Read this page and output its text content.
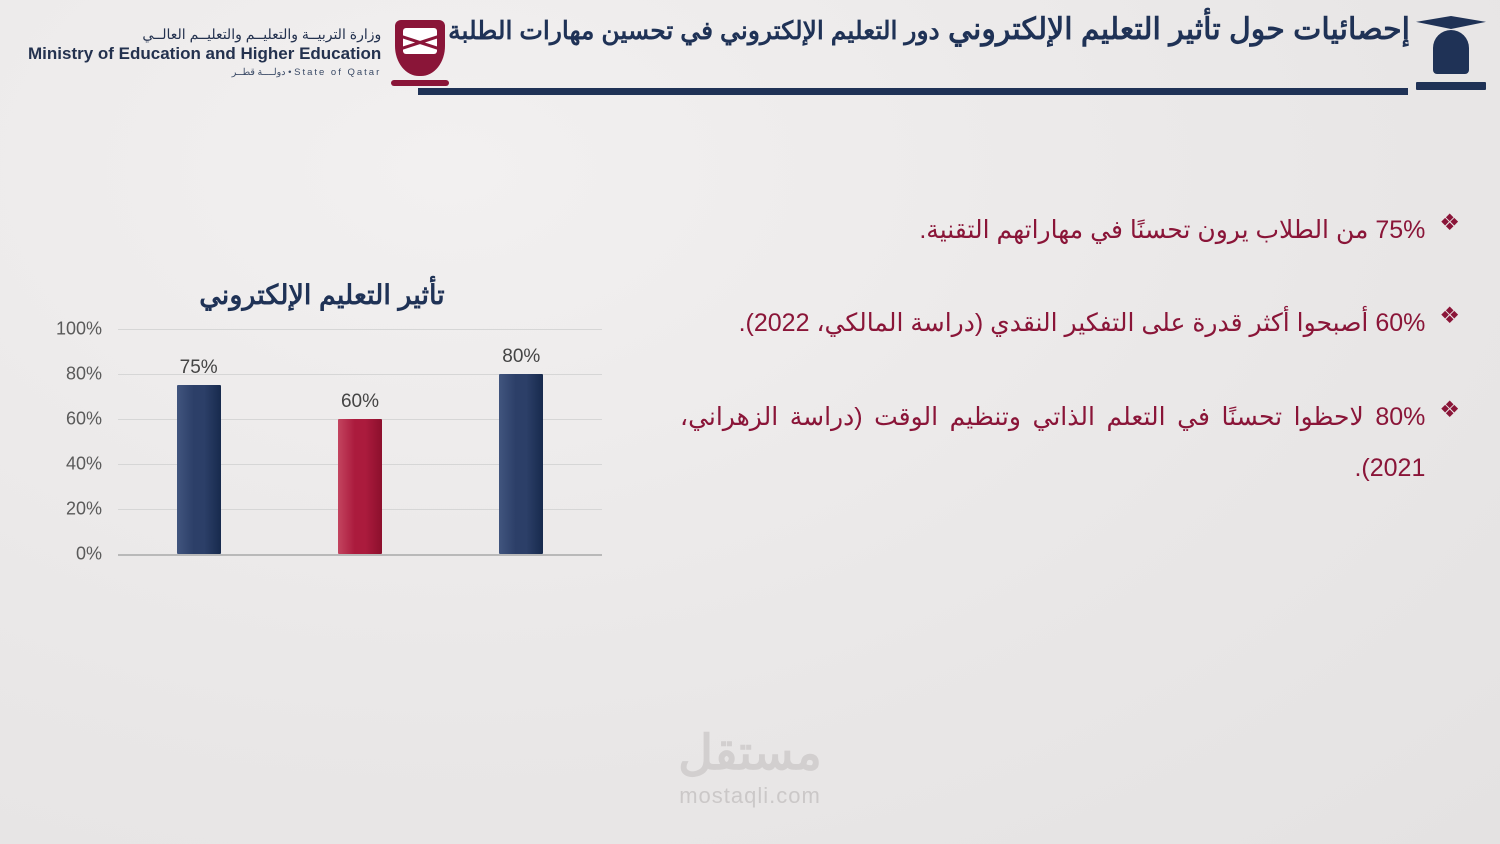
إحصائيات حول تأثير التعليم الإلكتروني دور التعليم الإلكتروني في تحسين مهارات الطلبة
وزارة التربيــة والتعليــم والتعليــم العالــي
Ministry of Education and Higher Education
دولــــة قطــر • State of Qatar
تأثير التعليم الإلكتروني
0%
20%
40%
60%
80%
100%
75%
60%
80%
❖
75% من الطلاب يرون تحسنًا في مهاراتهم التقنية.
❖
60% أصبحوا أكثر قدرة على التفكير النقدي (دراسة المالكي، 2022).
❖
80% لاحظوا تحسنًا في التعلم الذاتي وتنظيم الوقت (دراسة الزهراني، 2021).
مستقل
mostaqli.com
